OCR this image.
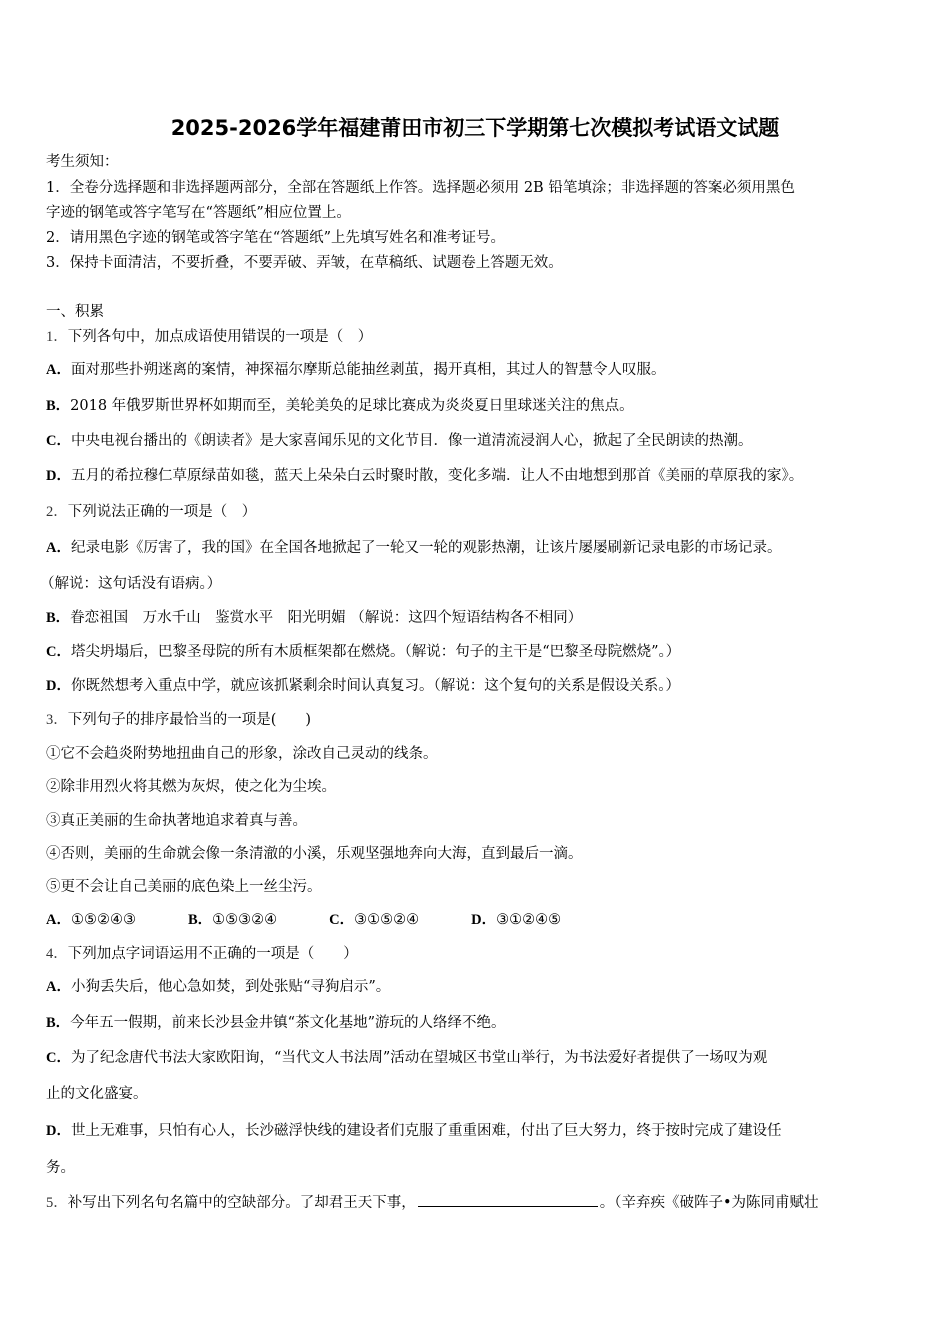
2025-2026学年福建莆田市初三下学期第七次模拟考试语文试题
考生须知：
1．全卷分选择题和非选择题两部分，全部在答题纸上作答。选择题必须用 2B 铅笔填涂；非选择题的答案必须用黑色
字迹的钢笔或答字笔写在“答题纸”相应位置上。
2．请用黑色字迹的钢笔或答字笔在“答题纸”上先填写姓名和准考证号。
3．保持卡面清洁，不要折叠，不要弄破、弄皱，在草稿纸、试题卷上答题无效。
一、积累
1．下列各句中，加点成语使用错误的一项是（　）
A．面对那些扑朔迷离的案情，神探福尔摩斯总能抽丝剥茧，揭开真相，其过人的智慧令人叹服。
B．2018 年俄罗斯世界杯如期而至，美轮美奂的足球比赛成为炎炎夏日里球迷关注的焦点。
C．中央电视台播出的《朗读者》是大家喜闻乐见的文化节目．像一道清流浸润人心，掀起了全民朗读的热潮。
D．五月的希拉穆仁草原绿苗如毯，蓝天上朵朵白云时聚时散，变化多端．让人不由地想到那首《美丽的草原我的家》。
2．下列说法正确的一项是（　）
A．纪录电影《厉害了，我的国》在全国各地掀起了一轮又一轮的观影热潮，让该片屡屡刷新记录电影的市场记录。
（解说：这句话没有语病。）
B．眷恋祖国　万水千山　鉴赏水平　阳光明媚 （解说：这四个短语结构各不相同）
C．塔尖坍塌后，巴黎圣母院的所有木质框架都在燃烧。（解说：句子的主干是“巴黎圣母院燃烧”。）
D．你既然想考入重点中学，就应该抓紧剩余时间认真复习。（解说：这个复句的关系是假设关系。）
3．下列句子的排序最恰当的一项是(　　)
①它不会趋炎附势地扭曲自己的形象，涂改自己灵动的线条。
②除非用烈火将其燃为灰烬，使之化为尘埃。
③真正美丽的生命执著地追求着真与善。
④否则，美丽的生命就会像一条清澈的小溪，乐观坚强地奔向大海，直到最后一滴。
⑤更不会让自己美丽的底色染上一丝尘污。
A．①⑤②④③	B．①⑤③②④	C．③①⑤②④	D．③①②④⑤
4．下列加点字词语运用不正确的一项是（　　）
A．小狗丢失后，他心急如焚，到处张贴“寻狗启示”。
B．今年五一假期，前来长沙县金井镇“茶文化基地”游玩的人络绎不绝。
C．为了纪念唐代书法大家欧阳询，“当代文人书法周”活动在望城区书堂山举行，为书法爱好者提供了一场叹为观
止的文化盛宴。
D．世上无难事，只怕有心人，长沙磁浮快线的建设者们克服了重重困难，付出了巨大努力，终于按时完成了建设任
务。
5．补写出下列名句名篇中的空缺部分。了却君王天下事，	。（辛弃疾《破阵子•为陈同甫赋壮
